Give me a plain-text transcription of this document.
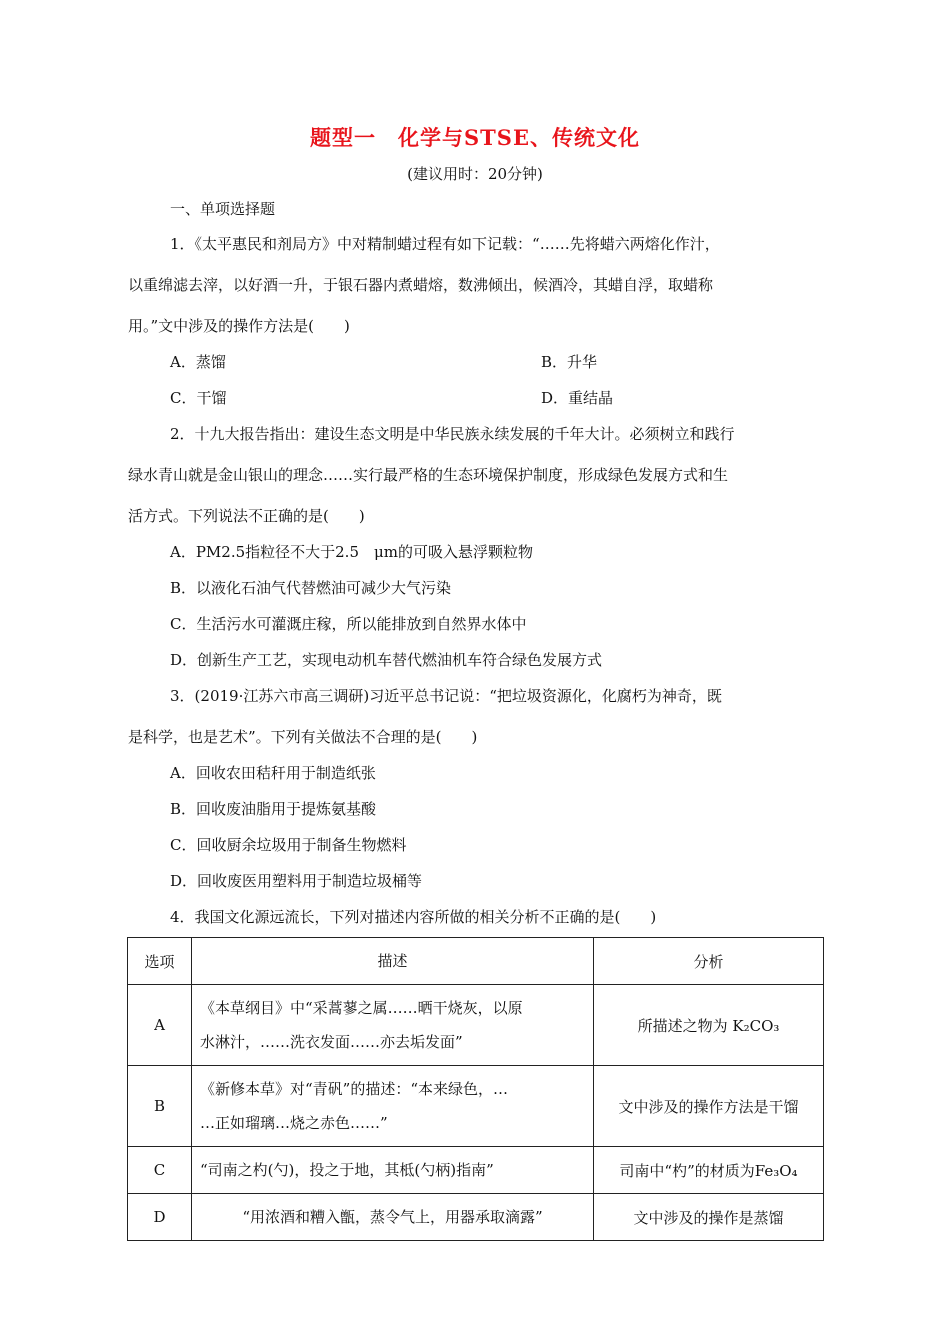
题型一　化学与STSE、传统文化
(建议用时：20分钟)
一、单项选择题
1．《太平惠民和剂局方》中对精制蜡过程有如下记载：“……先将蜡六两熔化作汁，
以重绵滤去滓，以好酒一升，于银石器内煮蜡熔，数沸倾出，候酒冷，其蜡自浮，取蜡称
用。”文中涉及的操作方法是(　　)
A．蒸馏	B．升华
C．干馏	D．重结晶
2．十九大报告指出：建设生态文明是中华民族永续发展的千年大计。必须树立和践行
绿水青山就是金山银山的理念……实行最严格的生态环境保护制度，形成绿色发展方式和生
活方式。下列说法不正确的是(　　)
A．PM2.5指粒径不大于2.5　μm的可吸入悬浮颗粒物
B．以液化石油气代替燃油可减少大气污染
C．生活污水可灌溉庄稼，所以能排放到自然界水体中
D．创新生产工艺，实现电动机车替代燃油机车符合绿色发展方式
3．(2019·江苏六市高三调研)习近平总书记说：“把垃圾资源化，化腐朽为神奇，既
是科学，也是艺术”。下列有关做法不合理的是(　　)
A．回收农田秸秆用于制造纸张
B．回收废油脂用于提炼氨基酸
C．回收厨余垃圾用于制备生物燃料
D．回收废医用塑料用于制造垃圾桶等
4．我国文化源远流长，下列对描述内容所做的相关分析不正确的是(　　)
选项	描述	分析
A	《本草纲目》中“采蒿蓼之属……晒干烧灰，以原
水淋汁，……洗衣发面……亦去垢发面”	所描述之物为 K₂CO₃
B	《新修本草》对“青矾”的描述：“本来绿色，…
…正如瑠璃…烧之赤色……”	文中涉及的操作方法是干馏
C	“司南之杓(勺)，投之于地，其柢(勺柄)指南”	司南中“杓”的材质为Fe₃O₄
D	“用浓酒和糟入甑，蒸令气上，用器承取滴露”	文中涉及的操作是蒸馏
